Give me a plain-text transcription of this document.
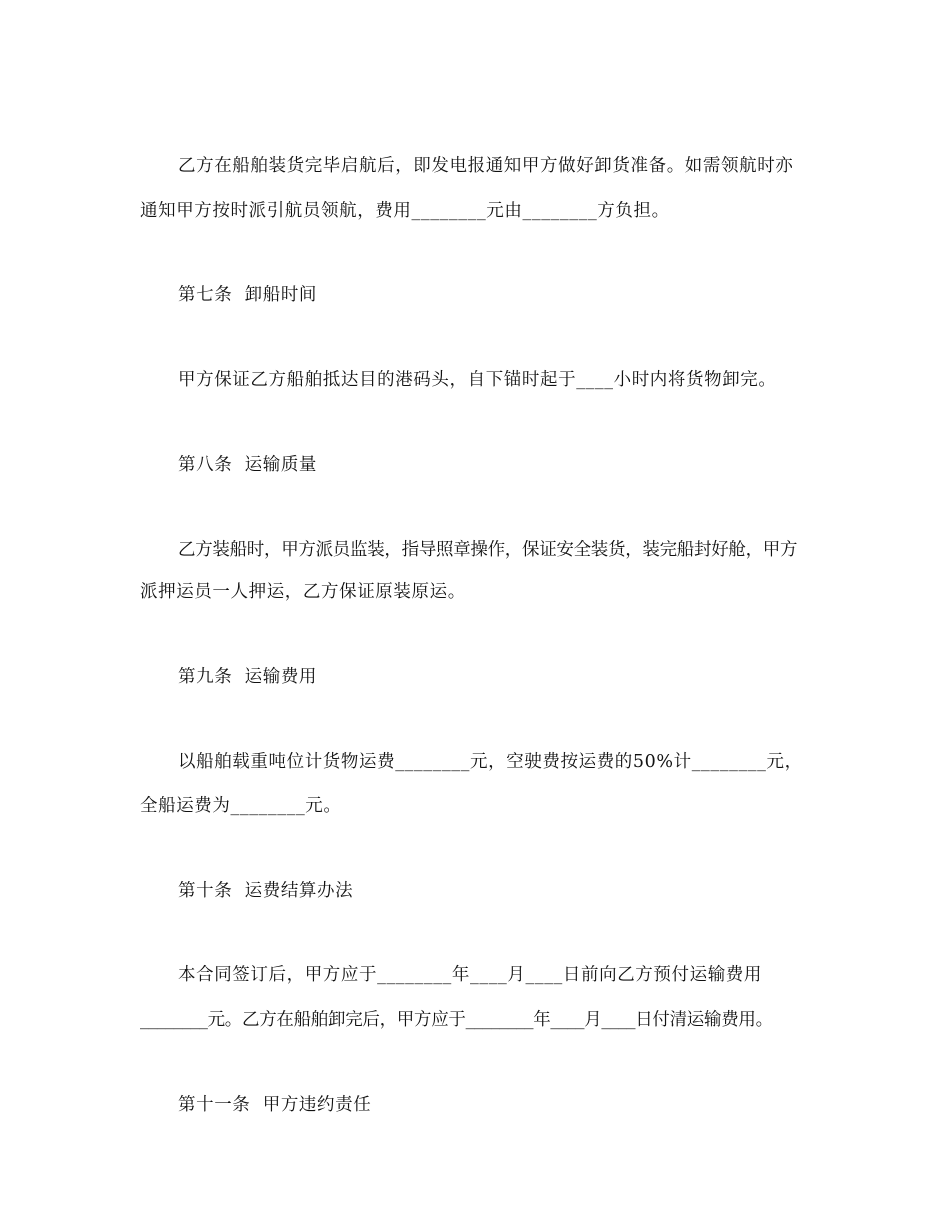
乙方在船舶装货完毕启航后，即发电报通知甲方做好卸货准备。如需领航时亦
通知甲方按时派引航员领航，费用________元由________方负担。
第七条  卸船时间
甲方保证乙方船舶抵达目的港码头，自下锚时起于____小时内将货物卸完。
第八条  运输质量
乙方装船时，甲方派员监装，指导照章操作，保证安全装货，装完船封好舱，甲方
派押运员一人押运，乙方保证原装原运。
第九条  运输费用
以船舶载重吨位计货物运费________元，空驶费按运费的50%计________元，
全船运费为________元。
第十条  运费结算办法
本合同签订后，甲方应于________年____月____日前向乙方预付运输费用
________元。乙方在船舶卸完后，甲方应于________年____月____日付清运输费用。
第十一条  甲方违约责任
